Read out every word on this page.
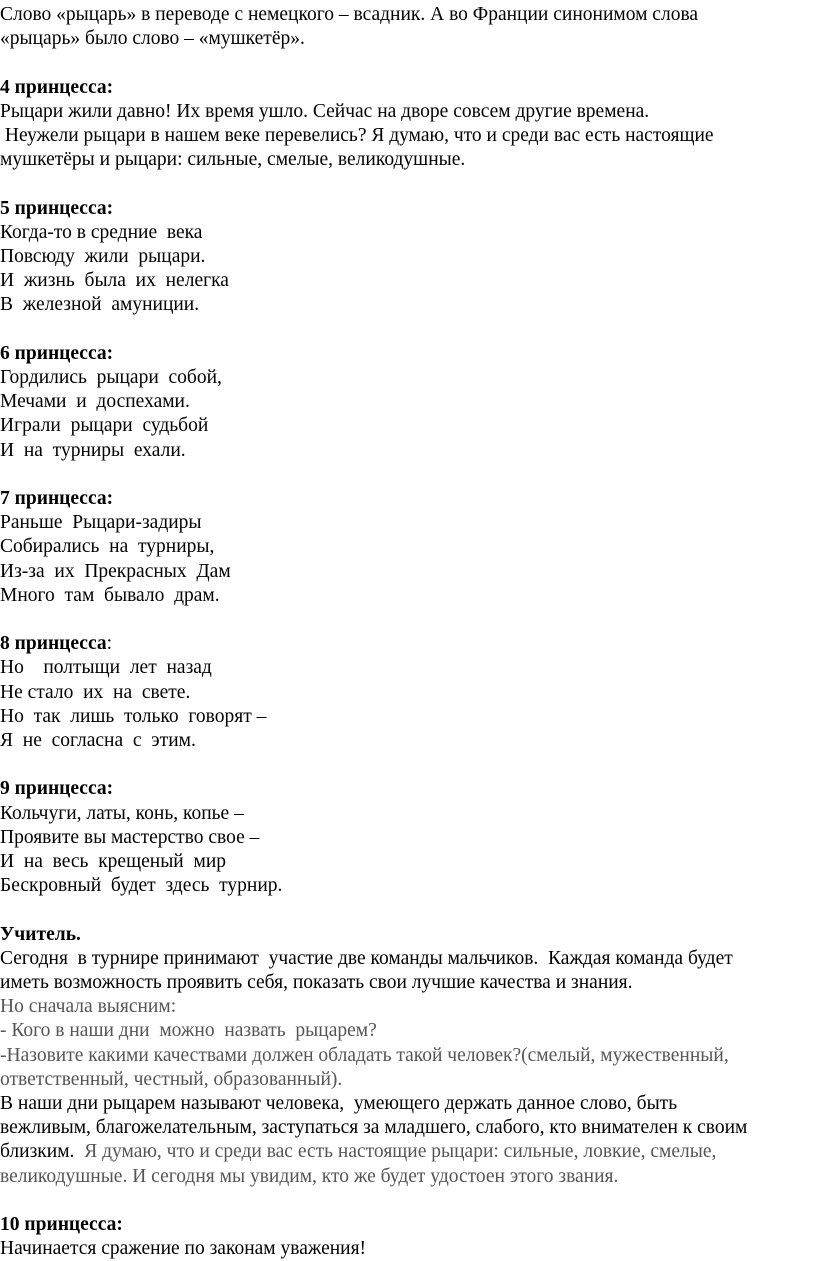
Слово «рыцарь» в переводе с немецкого – всадник. А во Франции синонимом слова
«рыцарь» было слово – «мушкетёр».
4 принцесса:
Рыцари жили давно! Их время ушло. Сейчас на дворе совсем другие времена.
Неужели рыцари в нашем веке перевелись? Я думаю, что и среди вас есть настоящие
мушкетёры и рыцари: сильные, смелые, великодушные.
5 принцесса:
Когда-то в средние  века
Повсюду  жили  рыцари.
И  жизнь  была  их  нелегка
В  железной  амуниции.
6 принцесса:
Гордились  рыцари  собой,
Мечами  и  доспехами.
Играли  рыцари  судьбой
И  на  турниры  ехали.
7 принцесса:
Раньше  Рыцари-задиры
Собирались  на  турниры,
Из-за  их  Прекрасных  Дам
Много  там  бывало  драм.
8 принцесса:
Но    полтыщи  лет  назад
Не стало  их  на  свете.
Но  так  лишь  только  говорят –
Я  не  согласна  с  этим.
9 принцесса:
Кольчуги, латы, конь, копье –
Проявите вы мастерство свое –
И  на  весь  крещеный  мир
Бескровный  будет  здесь  турнир.
Учитель.
Сегодня  в турнире принимают  участие две команды мальчиков.  Каждая команда будет
иметь возможность проявить себя, показать свои лучшие качества и знания.
Но сначала выясним:
- Кого в наши дни  можно  назвать  рыцарем?
-Назовите какими качествами должен обладать такой человек?(смелый, мужественный,
ответственный, честный, образованный).
В наши дни рыцарем называют человека,  умеющего держать данное слово, быть
вежливым, благожелательным, заступаться за младшего, слабого, кто внимателен к своим
близким.  Я думаю, что и среди вас есть настоящие рыцари: сильные, ловкие, смелые,
великодушные. И сегодня мы увидим, кто же будет удостоен этого звания.
10 принцесса:
Начинается сражение по законам уважения!
